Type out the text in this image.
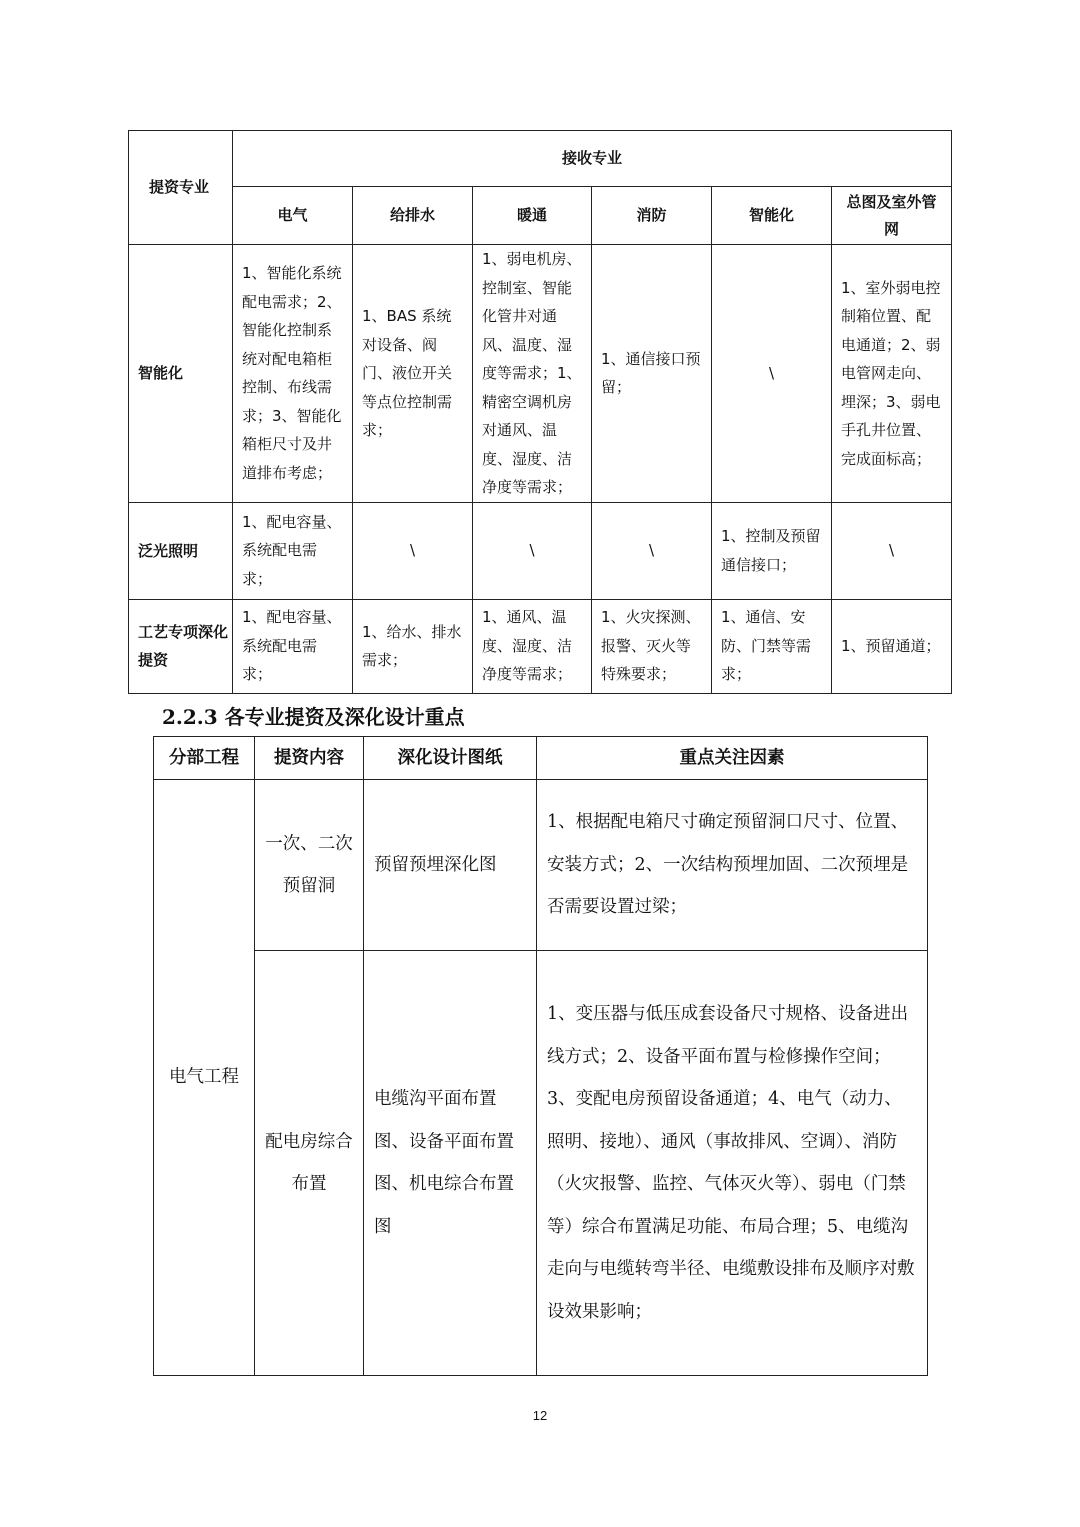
提资专业	接收专业					
	电气	给排水	暖通	消防	智能化	总图及室外管网
智能化	1、智能化系统配电需求；2、智能化控制系统对配电箱柜控制、布线需求；3、智能化箱柜尺寸及井道排布考虑；	1、BAS 系统对设备、阀门、液位开关等点位控制需求；	1、弱电机房、控制室、智能化管井对通风、温度、湿度等需求；1、精密空调机房对通风、温度、湿度、洁净度等需求；	1、通信接口预留；	\	1、室外弱电控制箱位置、配电通道；2、弱电管网走向、埋深；3、弱电手孔井位置、完成面标高；
泛光照明	1、配电容量、系统配电需求；	\	\	\	1、控制及预留通信接口；	\
工艺专项深化提资	1、配电容量、系统配电需求；	1、给水、排水需求；	1、通风、温度、湿度、洁净度等需求；	1、火灾探测、报警、灭火等特殊要求；	1、通信、安防、门禁等需求；	1、预留通道；
2.2.3 各专业提资及深化设计重点
分部工程	提资内容	深化设计图纸	重点关注因素
电气工程	一次、二次预留洞	预留预埋深化图	1、根据配电箱尺寸确定预留洞口尺寸、位置、安装方式；2、一次结构预埋加固、二次预埋是否需要设置过梁；
	配电房综合布置	电缆沟平面布置图、设备平面布置图、机电综合布置图	1、变压器与低压成套设备尺寸规格、设备进出线方式；2、设备平面布置与检修操作空间；3、变配电房预留设备通道；4、电气（动力、照明、接地）、通风（事故排风、空调）、消防（火灾报警、监控、气体灭火等）、弱电（门禁等）综合布置满足功能、布局合理；5、电缆沟走向与电缆转弯半径、电缆敷设排布及顺序对敷设效果影响；
12
